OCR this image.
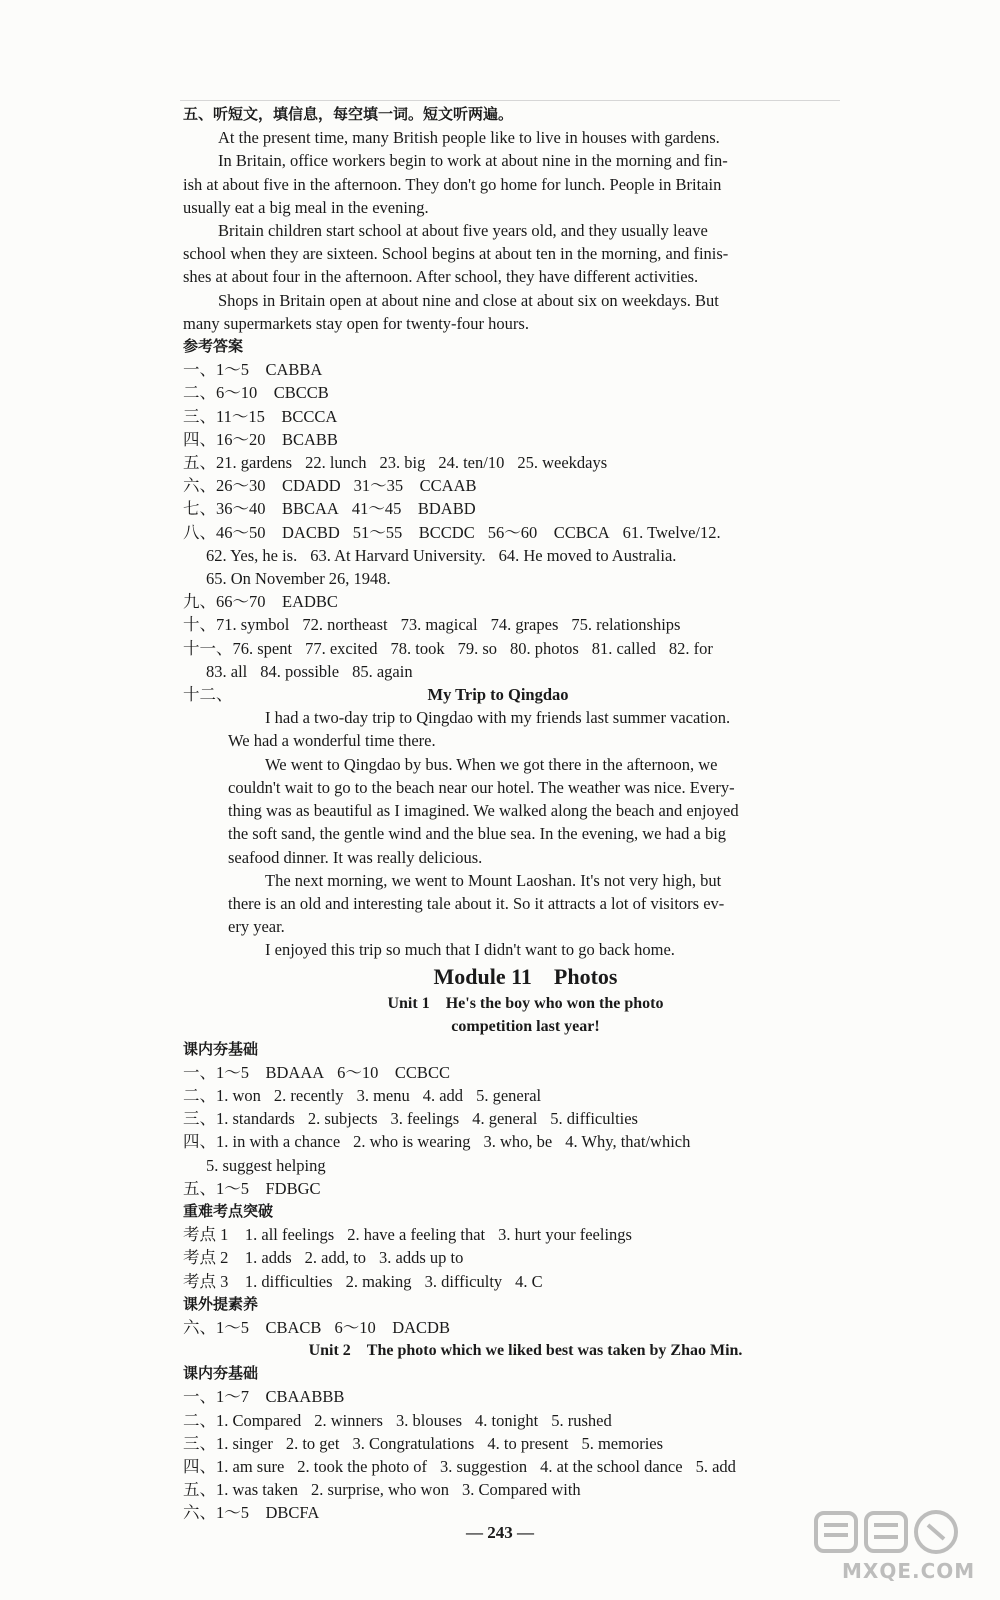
五、听短文，填信息，每空填一词。短文听两遍。
At the present time, many British people like to live in houses with gardens.
In Britain, office workers begin to work at about nine in the morning and fin-
ish at about five in the afternoon. They don't go home for lunch. People in Britain
usually eat a big meal in the evening.
Britain children start school at about five years old, and they usually leave
school when they are sixteen. School begins at about ten in the morning, and finis-
shes at about four in the afternoon. After school, they have different activities.
Shops in Britain open at about nine and close at about six on weekdays. But
many supermarkets stay open for twenty-four hours.
参考答案
一、1～5　CABBA
二、6～10　CBCCB
三、11～15　BCCCA
四、16～20　BCABB
五、21. gardens 22. lunch 23. big 24. ten/10 25. weekdays
六、26～30　CDADD 31～35　CCAAB
七、36～40　BBCAA 41～45　BDABD
八、46～50　DACBD 51～55　BCCDC 56～60　CCBCA 61. Twelve/12.
62. Yes, he is. 63. At Harvard University. 64. He moved to Australia.
65. On November 26, 1948.
九、66～70　EADBC
十、71. symbol 72. northeast 73. magical 74. grapes 75. relationships
十一、76. spent 77. excited 78. took 79. so 80. photos 81. called 82. for
83. all 84. possible 85. again
十二、	My Trip to Qingdao
I had a two-day trip to Qingdao with my friends last summer vacation.
We had a wonderful time there.
We went to Qingdao by bus. When we got there in the afternoon, we
couldn't wait to go to the beach near our hotel. The weather was nice. Every-
thing was as beautiful as I imagined. We walked along the beach and enjoyed
the soft sand, the gentle wind and the blue sea. In the evening, we had a big
seafood dinner. It was really delicious.
The next morning, we went to Mount Laoshan. It's not very high, but
there is an old and interesting tale about it. So it attracts a lot of visitors ev-
ery year.
I enjoyed this trip so much that I didn't want to go back home.
Module 11　Photos
Unit 1　He's the boy who won the photo
competition last year!
课内夯基础
一、1～5　BDAAA 6～10　CCBCC
二、1. won 2. recently 3. menu 4. add 5. general
三、1. standards 2. subjects 3. feelings 4. general 5. difficulties
四、1. in with a chance 2. who is wearing 3. who, be 4. Why, that/which
5. suggest helping
五、1～5　FDBGC
重难考点突破
考点 1　1. all feelings 2. have a feeling that 3. hurt your feelings
考点 2　1. adds 2. add, to 3. adds up to
考点 3　1. difficulties 2. making 3. difficulty 4. C
课外提素养
六、1～5　CBACB 6～10　DACDB
Unit 2　The photo which we liked best was taken by Zhao Min.
课内夯基础
一、1～7　CBAABBB
二、1. Compared 2. winners 3. blouses 4. tonight 5. rushed
三、1. singer 2. to get 3. Congratulations 4. to present 5. memories
四、1. am sure 2. took the photo of 3. suggestion 4. at the school dance 5. add
五、1. was taken 2. surprise, who won 3. Compared with
六、1～5　DBCFA
— 243 —
MXQE.COM
